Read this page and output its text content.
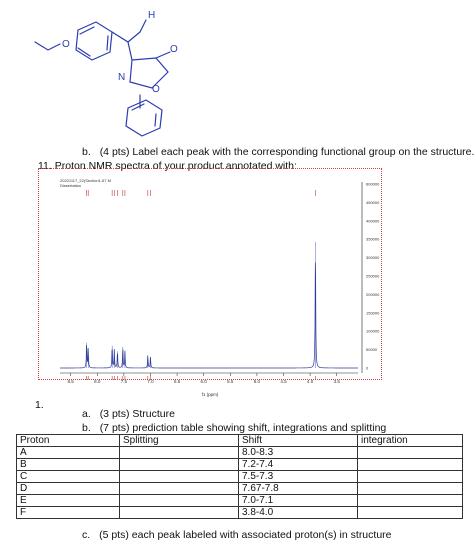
H
O
N
O
O
b. (4 pts) Label each peak with the corresponding functional group on the structure.
11. Proton NMR spectra of your product annotated with:
20221117_22(Section1-67 M
Dissertation	600000
450000
400000
350000
300000
250000
200000
150000
100000
50000
0
8.5	8.0	7.5	7.0	6.5	6.0	5.5	5.0	4.5	4.0	3.5
f1 (ppm)
1.
a. (3 pts) Structure
b. (7 pts) prediction table showing shift, integrations and splitting
Proton	Splitting	Shift	integration
A		8.0-8.3	
B		7.2-7.4	
C		7.5-7.3	
D		7.67-7.8	
E		7.0-7.1	
F		3.8-4.0	
c. (5 pts) each peak labeled with associated proton(s) in structure
